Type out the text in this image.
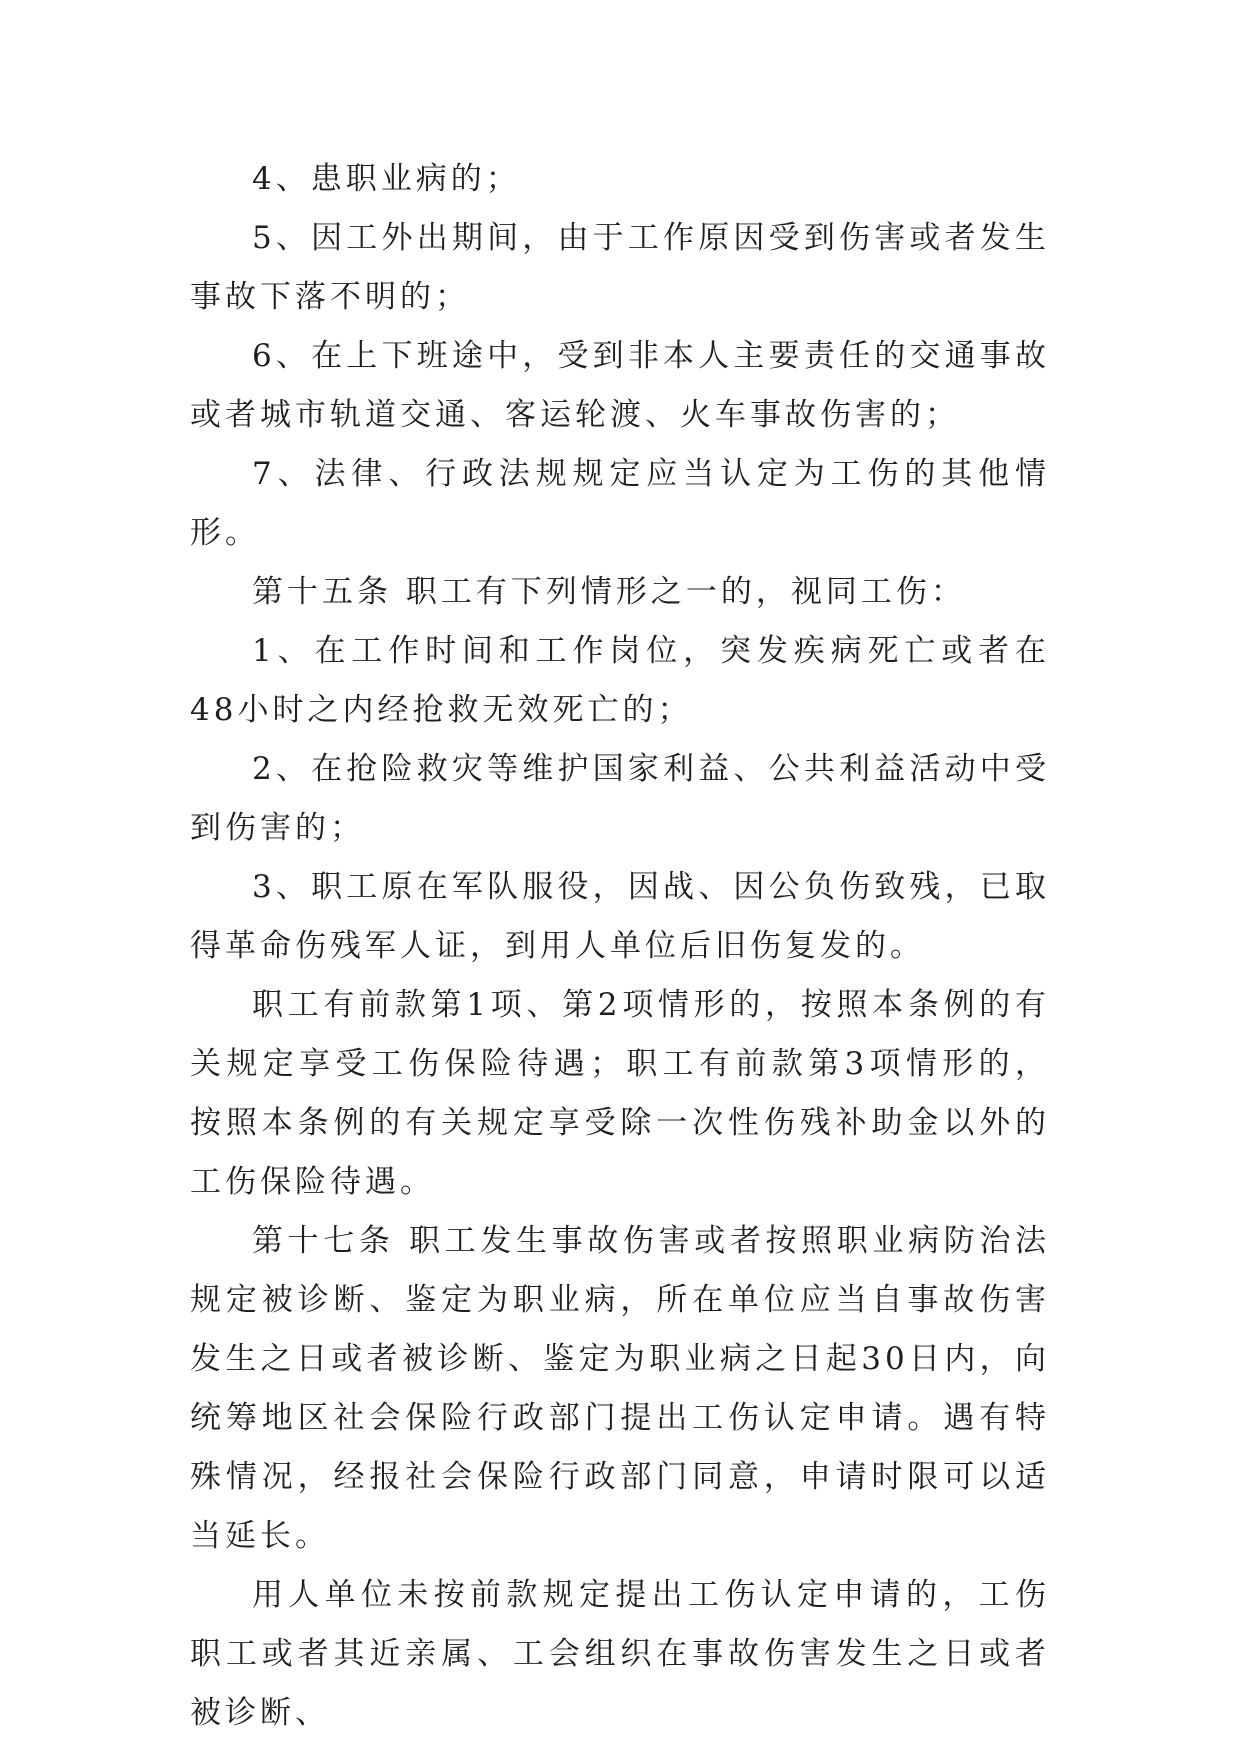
4、患职业病的；

5、因工外出期间，由于工作原因受到伤害或者发生事故下落不明的；

6、在上下班途中，受到非本人主要责任的交通事故或者城市轨道交通、客运轮渡、火车事故伤害的；

7、法律、行政法规规定应当认定为工伤的其他情形。

第十五条 职工有下列情形之一的，视同工伤：

1、在工作时间和工作岗位，突发疾病死亡或者在48小时之内经抢救无效死亡的；

2、在抢险救灾等维护国家利益、公共利益活动中受到伤害的；

3、职工原在军队服役，因战、因公负伤致残，已取得革命伤残军人证，到用人单位后旧伤复发的。

职工有前款第1项、第2项情形的，按照本条例的有关规定享受工伤保险待遇；职工有前款第3项情形的，按照本条例的有关规定享受除一次性伤残补助金以外的工伤保险待遇。

第十七条 职工发生事故伤害或者按照职业病防治法规定被诊断、鉴定为职业病，所在单位应当自事故伤害发生之日或者被诊断、鉴定为职业病之日起30日内，向统筹地区社会保险行政部门提出工伤认定申请。遇有特殊情况，经报社会保险行政部门同意，申请时限可以适当延长。

用人单位未按前款规定提出工伤认定申请的，工伤职工或者其近亲属、工会组织在事故伤害发生之日或者被诊断、
